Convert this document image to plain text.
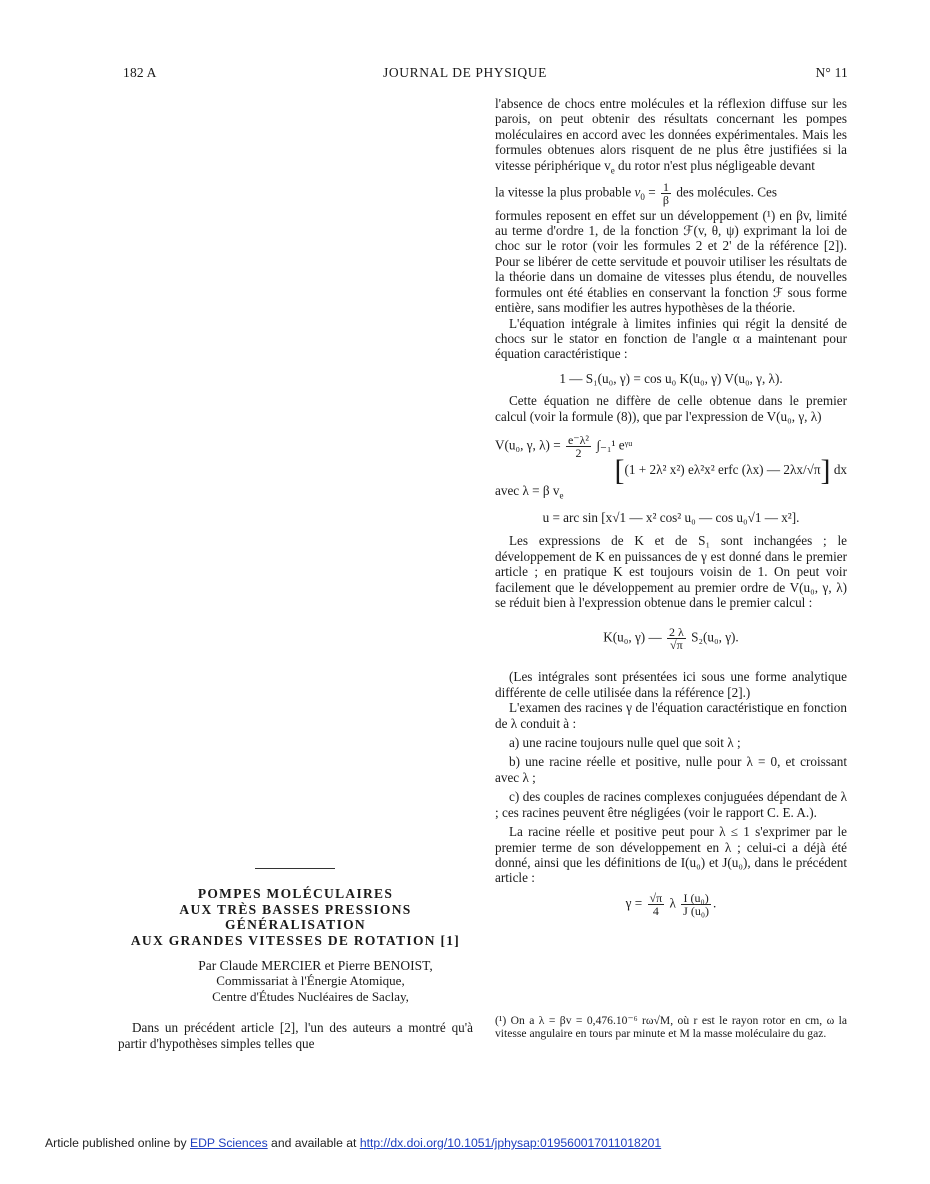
182 A	JOURNAL DE PHYSIQUE	N° 11

l'absence de chocs entre molécules et la réflexion diffuse sur les parois, on peut obtenir des résultats concernant les pompes moléculaires en accord avec les données expérimentales. Mais les formules obtenues alors risquent de ne plus être justifiées si la vitesse périphérique $v_e$ du rotor n'est plus négligeable devant

la vitesse la plus probable $v_0 = \frac{1}{\beta}$ des molécules. Ces

formules reposent en effet sur un développement (¹) en βv, limité au terme d'ordre 1, de la fonction ℱ(v, θ, ψ) exprimant la loi de choc sur le rotor (voir les formules 2 et 2' de la référence [2]). Pour se libérer de cette servitude et pouvoir utiliser les résultats de la théorie dans un domaine de vitesses plus étendu, de nouvelles formules ont été établies en conservant la fonction ℱ sous forme entière, sans modifier les autres hypothèses de la théorie.

L'équation intégrale à limites infinies qui régit la densité de chocs sur le stator en fonction de l'angle α a maintenant pour équation caractéristique :

1 — S₁(u₀, γ) = cos u₀ K(u₀, γ) V(u₀, γ, λ).

Cette équation ne diffère de celle obtenue dans le premier calcul (voir la formule (8)), que par l'expression de V(u₀, γ, λ)

V(u₀, γ, $\lambda) = \frac{\text{e⁻λ²}}{2} \int_{-1}^1$ eᵞᵘ

[(1 + 2λ² x²) eλ²x² erfc (λx) — 2λx/√π] dx

avec λ = β $v_e$

u = arc sin [x√1 — x² cos² u₀ — cos u₀√1 — x²].

Les expressions de K et de S₁ sont inchangées ; le développement de K en puissances de γ est donné dans le premier article ; en pratique K est toujours voisin de 1. On peut voir facilement que le développement au premier ordre de V(u₀, γ, λ) se réduit bien à l'expression obtenue dans le premier calcul :

K(u₀, γ) — $\frac{2 \lambda}{√\pi} S_2(u_0$, γ).

(Les intégrales sont présentées ici sous une forme analytique différente de celle utilisée dans la référence [2].)

L'examen des racines γ de l'équation caractéristique en fonction de λ conduit à :

a) une racine toujours nulle quel que soit λ ;

b) une racine réelle et positive, nulle pour λ = 0, et croissant avec λ ;

c) des couples de racines complexes conjuguées dépendant de λ ; ces racines peuvent être négligées (voir le rapport C. E. A.).

La racine réelle et positive peut pour λ ≤ 1 s'exprimer par le premier terme de son développement en λ ; celui-ci a déjà été donné, ainsi que les définitions de I(u₀) et J(u₀), dans le précédent article :

$\gamma = \frac{√\pi}{4}$ λ $\frac{\text{I (u₀)}}{\text{J (u₀)}}$ .

(¹) On a λ = βv = 0,476.10⁻⁶ rω√M, où r est le rayon rotor en cm, ω la vitesse angulaire en tours par minute et M la masse moléculaire du gaz.
POMPES MOLÉCULAIRES
AUX TRÈS BASSES PRESSIONS
GÉNÉRALISATION
AUX GRANDES VITESSES DE ROTATION [1]
Par Claude MERCIER et Pierre BENOIST,
Commissariat à l'Énergie Atomique,
Centre d'Études Nucléaires de Saclay,

Dans un précédent article [2], l'un des auteurs a montré qu'à partir d'hypothèses simples telles que

Article published online by EDP Sciences and available at http://dx.doi.org/10.1051/jphysap:019560017011018201
